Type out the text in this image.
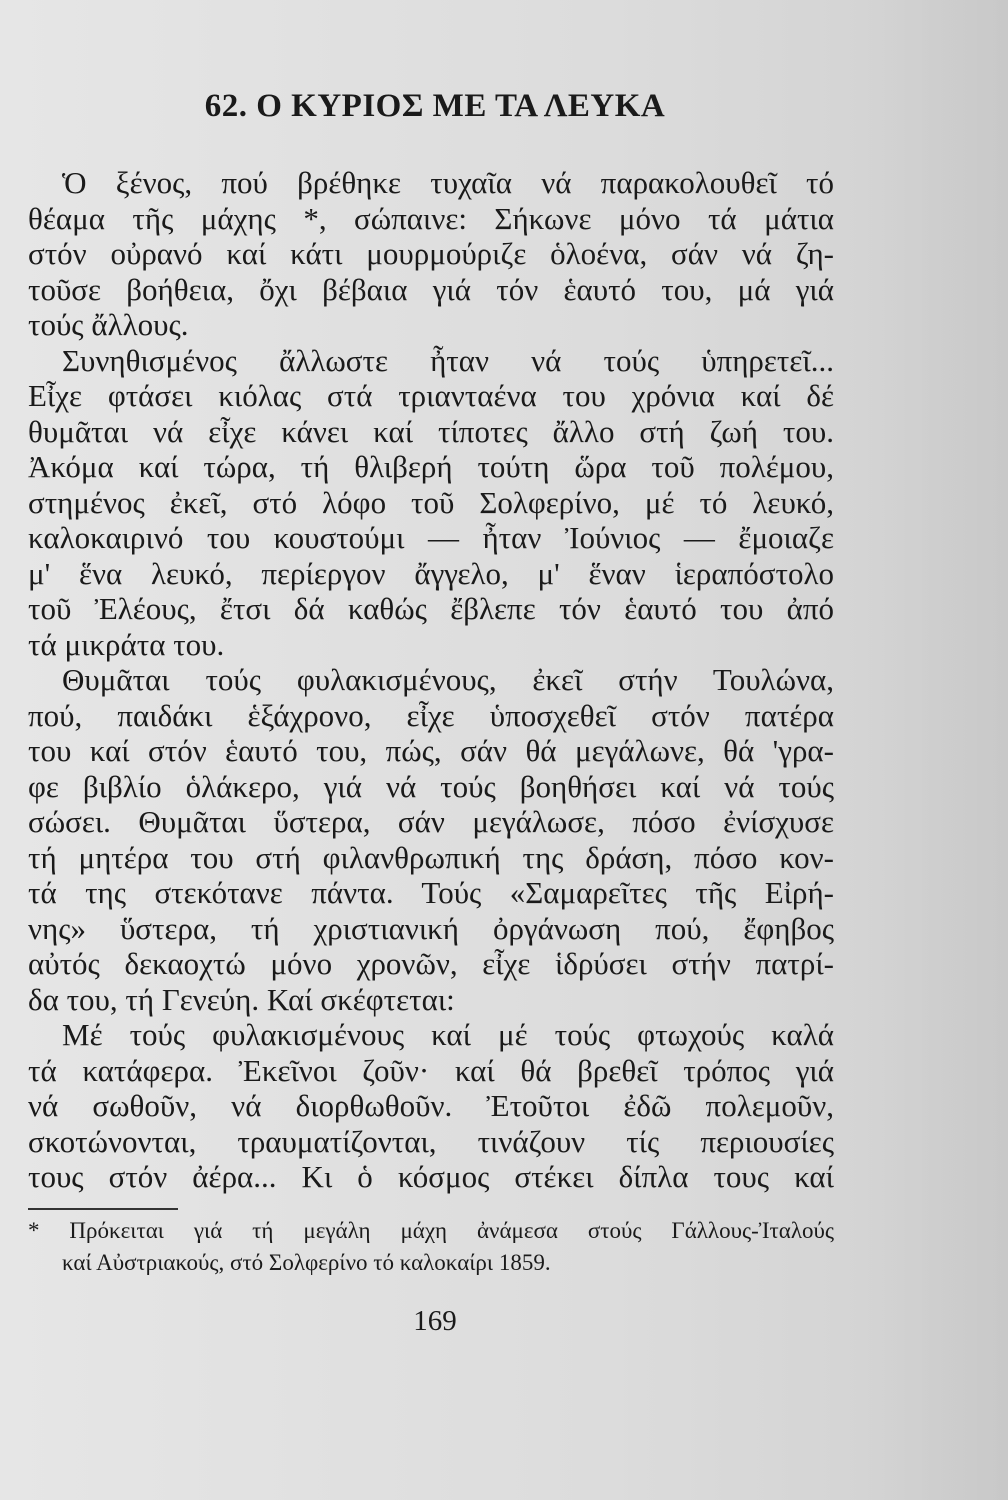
62. Ο ΚΥΡΙΟΣ ΜΕ ΤΑ ΛΕΥΚΑ

Ὁ ξένος, πού βρέθηκε τυχαῖα νά παρακολουθεῖ τό

θέαμα τῆς μάχης *, σώπαινε: Σήκωνε μόνο τά μάτια

στόν οὐρανό καί κάτι μουρμούριζε ὁλοένα, σάν νά ζη-

τοῦσε βοήθεια, ὄχι βέβαια γιά τόν ἑαυτό του, μά γιά

τούς ἄλλους.

Συνηθισμένος ἄλλωστε ἦταν νά τούς ὑπηρετεῖ...

Εἶχε φτάσει κιόλας στά τριανταένα του χρόνια καί δέ

θυμᾶται νά εἶχε κάνει καί τίποτες ἄλλο στή ζωή του.

Ἀκόμα καί τώρα, τή θλιβερή τούτη ὥρα τοῦ πολέμου,

στημένος ἐκεῖ, στό λόφο τοῦ Σολφερίνο, μέ τό λευκό,

καλοκαιρινό του κουστούμι — ἦταν Ἰούνιος — ἔμοιαζε

μ' ἕνα λευκό, περίεργον ἄγγελο, μ' ἕναν ἱεραπόστολο

τοῦ Ἐλέους, ἔτσι δά καθώς ἔβλεπε τόν ἑαυτό του ἀπό

τά μικράτα του.

Θυμᾶται τούς φυλακισμένους, ἐκεῖ στήν Τουλώνα,

πού, παιδάκι ἑξάχρονο, εἶχε ὑποσχεθεῖ στόν πατέρα

του καί στόν ἑαυτό του, πώς, σάν θά μεγάλωνε, θά 'γρα-

φε βιβλίο ὁλάκερο, γιά νά τούς βοηθήσει καί νά τούς

σώσει. Θυμᾶται ὕστερα, σάν μεγάλωσε, πόσο ἐνίσχυσε

τή μητέρα του στή φιλανθρωπική της δράση, πόσο κον-

τά της στεκότανε πάντα. Τούς «Σαμαρεῖτες τῆς Εἰρή-

νης» ὕστερα, τή χριστιανική ὀργάνωση πού, ἔφηβος

αὐτός δεκαοχτώ μόνο χρονῶν, εἶχε ἱδρύσει στήν πατρί-

δα του, τή Γενεύη. Καί σκέφτεται:

Μέ τούς φυλακισμένους καί μέ τούς φτωχούς καλά

τά κατάφερα. Ἐκεῖνοι ζοῦν· καί θά βρεθεῖ τρόπος γιά

νά σωθοῦν, νά διορθωθοῦν. Ἐτοῦτοι ἐδῶ πολεμοῦν,

σκοτώνονται, τραυματίζονται, τινάζουν τίς περιουσίες

τους στόν ἀέρα... Κι ὁ κόσμος στέκει δίπλα τους καί

* Πρόκειται γιά τή μεγάλη μάχη ἀνάμεσα στούς Γάλλους-Ἰταλούς

καί Αὐστριακούς, στό Σολφερίνο τό καλοκαίρι 1859.

169
